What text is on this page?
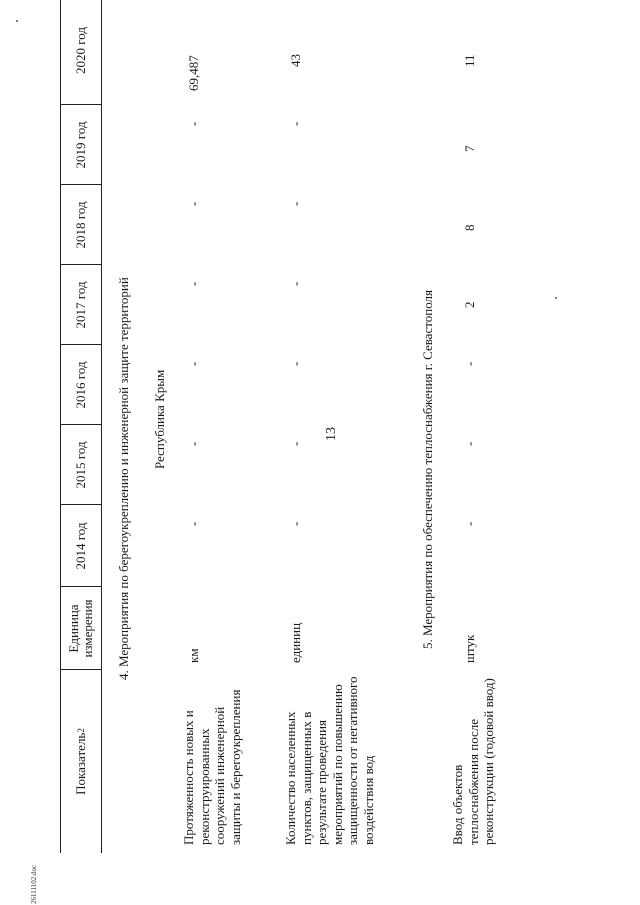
13
26111102.doc
Показатель
2
Единица измерения
2014 год
2015 год
2016 год
2017 год
2018 год
2019 год
2020 год
4. Мероприятия по берегоукреплению и инженерной защите территорий Республика Крым
Протяженность новых и реконструированных сооружений инженерной защиты и берегоукрепления
км
-
-
-
-
-
-
69,487
Количество населенных пунктов, защищенных в результате проведения мероприятий по повышению защищенности от негативного воздействия вод
единиц
-
-
-
-
-
-
43
5. Мероприятия по обеспечению теплоснабжения г. Севастополя
Ввод объектов теплоснабжения после реконструкции (годовой ввод)
штук
-
-
-
2
8
7
11
